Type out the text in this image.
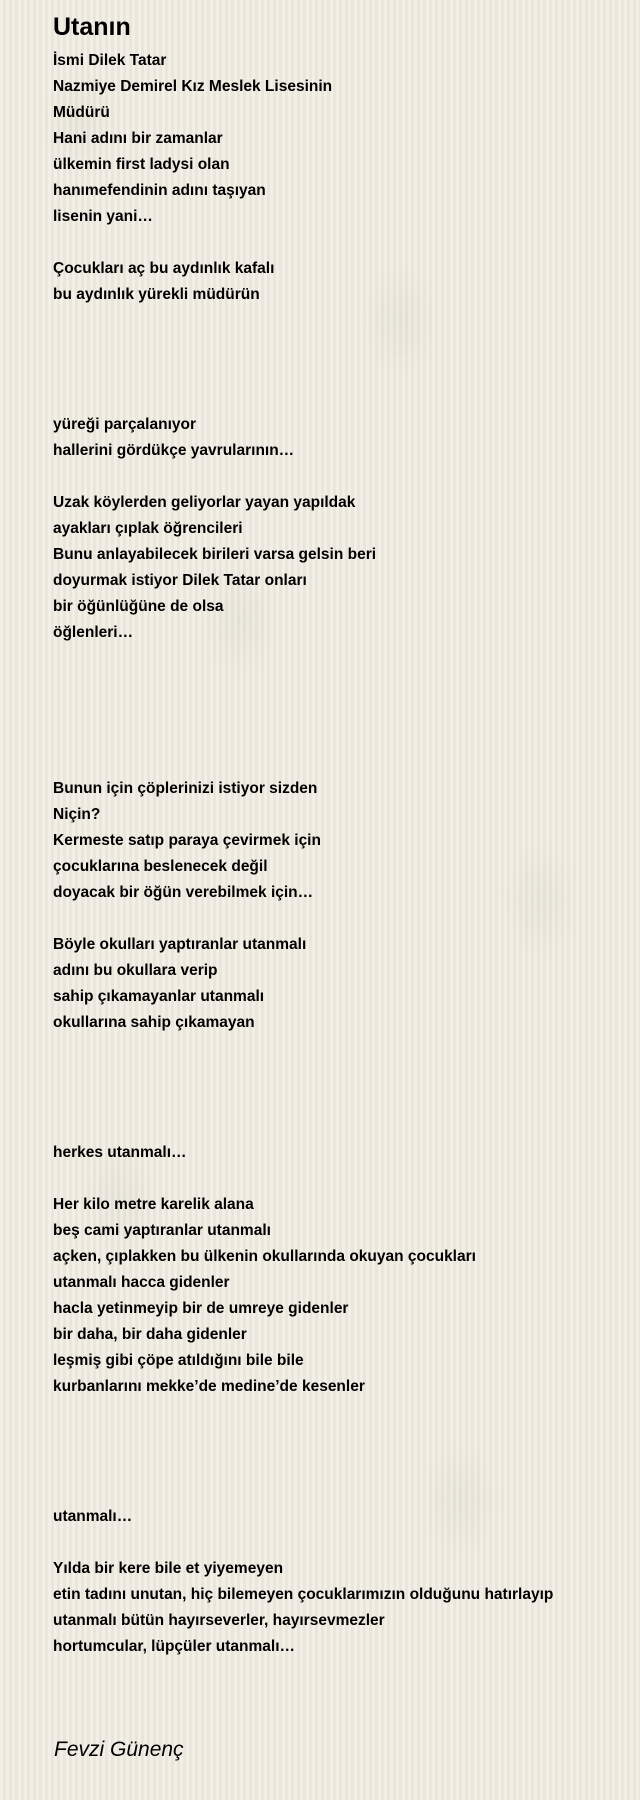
Utanın
İsmi Dilek Tatar
Nazmiye Demirel Kız Meslek Lisesinin
Müdürü
Hani adını bir zamanlar
ülkemin first ladysi olan
hanımefendinin adını taşıyan
lisenin yani…
Çocukları aç bu aydınlık kafalı
bu aydınlık yürekli müdürün
yüreği parçalanıyor
hallerini gördükçe yavrularının…
Uzak köylerden geliyorlar yayan yapıldak
ayakları çıplak öğrencileri
Bunu anlayabilecek birileri varsa gelsin beri
doyurmak istiyor Dilek Tatar onları
bir öğünlüğüne de olsa
öğlenleri…
Bunun için çöplerinizi istiyor sizden
Niçin?
Kermeste satıp paraya çevirmek için
çocuklarına beslenecek değil
doyacak bir öğün verebilmek için…
Böyle okulları yaptıranlar utanmalı
adını bu okullara verip
sahip çıkamayanlar utanmalı
okullarına sahip çıkamayan
herkes utanmalı…
Her kilo metre karelik alana
beş cami yaptıranlar utanmalı
açken, çıplakken bu ülkenin okullarında okuyan çocukları
utanmalı hacca gidenler
hacla yetinmeyip bir de umreye gidenler
bir daha, bir daha gidenler
leşmiş gibi çöpe atıldığını bile bile
kurbanlarını mekke’de medine’de kesenler
utanmalı…
Yılda bir kere bile et yiyemeyen
etin tadını unutan, hiç bilemeyen çocuklarımızın olduğunu hatırlayıp
utanmalı bütün hayırseverler, hayırsevmezler
hortumcular, lüpçüler utanmalı…
Fevzi Günenç
